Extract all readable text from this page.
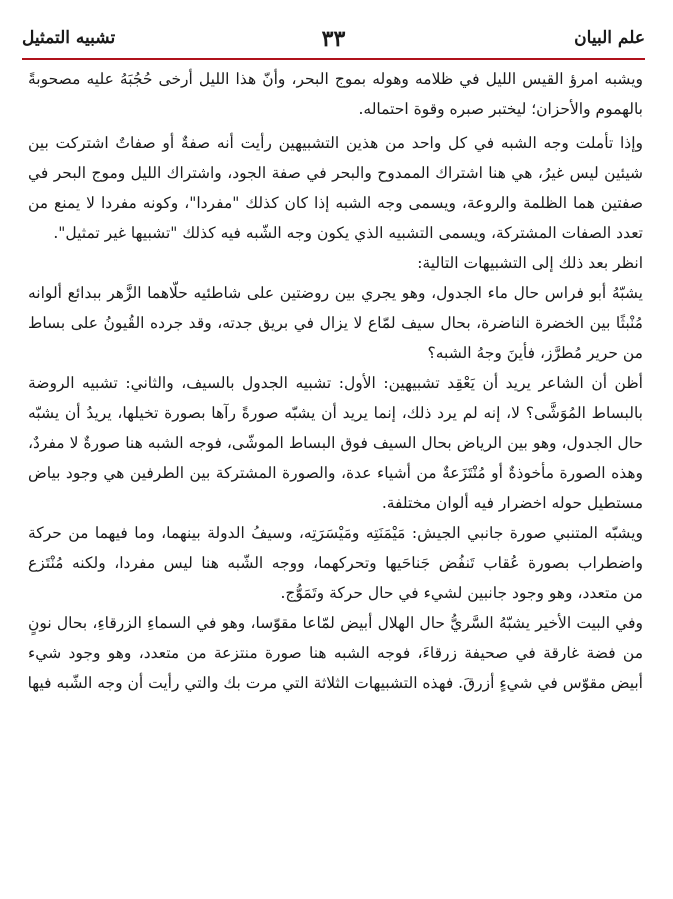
علم البيان
٣٣
تشبيه التمثيل
ويشبه امرؤ القيس الليل في ظلامه وهوله بموج البحر، وأنّ هذا الليل أرخى حُجُبَهُ عليه مصحوبةً
بالهموم والأحزان؛ ليختبر صبره وقوة احتماله.
وإذا تأملت وجه الشبه في كل واحد من هذين التشبيهين رأيت أنه صفةٌ أو صفاتٌ اشتركت بين
شيئين ليس غيرُ، هي هنا اشتراك الممدوح والبحر في صفة الجود، واشتراك الليل وموج البحر في
صفتين هما الظلمة والروعة، ويسمى وجه الشبه إذا كان كذلك "مفردا"، وكونه مفردا لا يمنع من
تعدد الصفات المشتركة، ويسمى التشبيه الذي يكون وجه الشّبه فيه كذلك "تشبيها غير تمثيل".
انظر بعد ذلك إلى التشبيهات التالية:
يشبّهُ أبو فراس حال ماء الجدول، وهو يجري بين روضتين على شاطئيه حلّاهما الزَّهر ببدائع ألوانه
مُنْبثًا بين الخضرة الناضرة، بحال سيف لمّاع لا يزال في بريق جدته، وقد جرده القُيونُ على بساط
من حرير مُطرَّز، فأينَ وجهُ الشبه؟
أظن أن الشاعر يريد أن يَعْقِد تشبيهين: الأول: تشبيه الجدول بالسيف، والثاني: تشبيه الروضة
بالبساط المُوَشَّى؟ لا، إنه لم يرد ذلك، إنما يريد أن يشبّه صورةً رآها بصورة تخيلها، يريدُ أن يشبّه
حال الجدول، وهو بين الرياض بحال السيف فوق البساط الموشّى، فوجه الشبه هنا صورةٌ لا مفردٌ،
وهذه الصورة مأخوذةٌ أو مُنْتَزَعةٌ من أشياء عدة، والصورة المشتركة بين الطرفين هي وجود بياض
مستطيل حوله اخضرار فيه ألوان مختلفة.
ويشبّه المتنبي صورة جانبي الجيش: مَيْمَنَتِه ومَيْسَرَتِه، وسيفُ الدولة بينهما، وما فيهما من حركة
واضطراب بصورة عُقاب تَنفُض جَناحَيها وتحركهما، ووجه الشّبه هنا ليس مفردا، ولكنه مُنْتَزع
من متعدد، وهو وجود جانبين لشيء في حال حركة وتَمَوُّج.
وفي البيت الأخير يشبّهُ السَّريُّ حال الهلال أبيض لمّاعا مقوّسا، وهو في السماءِ الزرقاءِ، بحال نونٍ
من فضة غارقة في صحيفة زرقاءَ، فوجه الشبه هنا صورة منتزعة من متعدد، وهو وجود شيء
أبيض مقوّس في شيءٍ أزرقَ. فهذه التشبيهات الثلاثة التي مرت بك والتي رأيت أن وجه الشّبه فيها
